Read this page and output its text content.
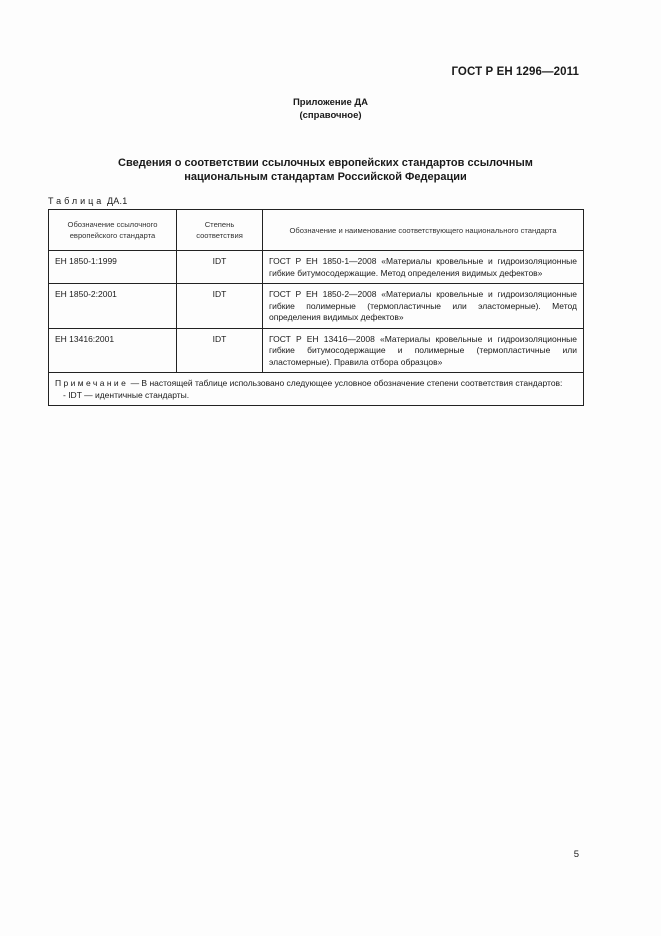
ГОСТ Р ЕН 1296—2011
Приложение ДА
(справочное)
Сведения о соответствии ссылочных европейских стандартов ссылочным
национальным стандартам Российской Федерации
Таблица ДА.1
Обозначение ссылочного европейского стандарта	Степень соответствия	Обозначение и наименование соответствующего национального стандарта
ЕН 1850-1:1999	IDT	ГОСТ Р ЕН 1850-1—2008 «Материалы кровельные и гидроизоляционные гибкие битумосодержащие. Метод определения видимых дефектов»
ЕН 1850-2:2001	IDT	ГОСТ Р ЕН 1850-2—2008 «Материалы кровельные и гидроизоляционные гибкие полимерные (термопластичные или эластомерные). Метод определения видимых дефектов»
ЕН 13416:2001	IDT	ГОСТ Р ЕН 13416—2008 «Материалы кровельные и гидроизоляционные гибкие битумосодержащие и полимерные (термопластичные или эластомерные). Правила отбора образцов»
Примечание — В настоящей таблице использовано следующее условное обозначение степени соответствия стандартов:
- IDT — идентичные стандарты.		
5
